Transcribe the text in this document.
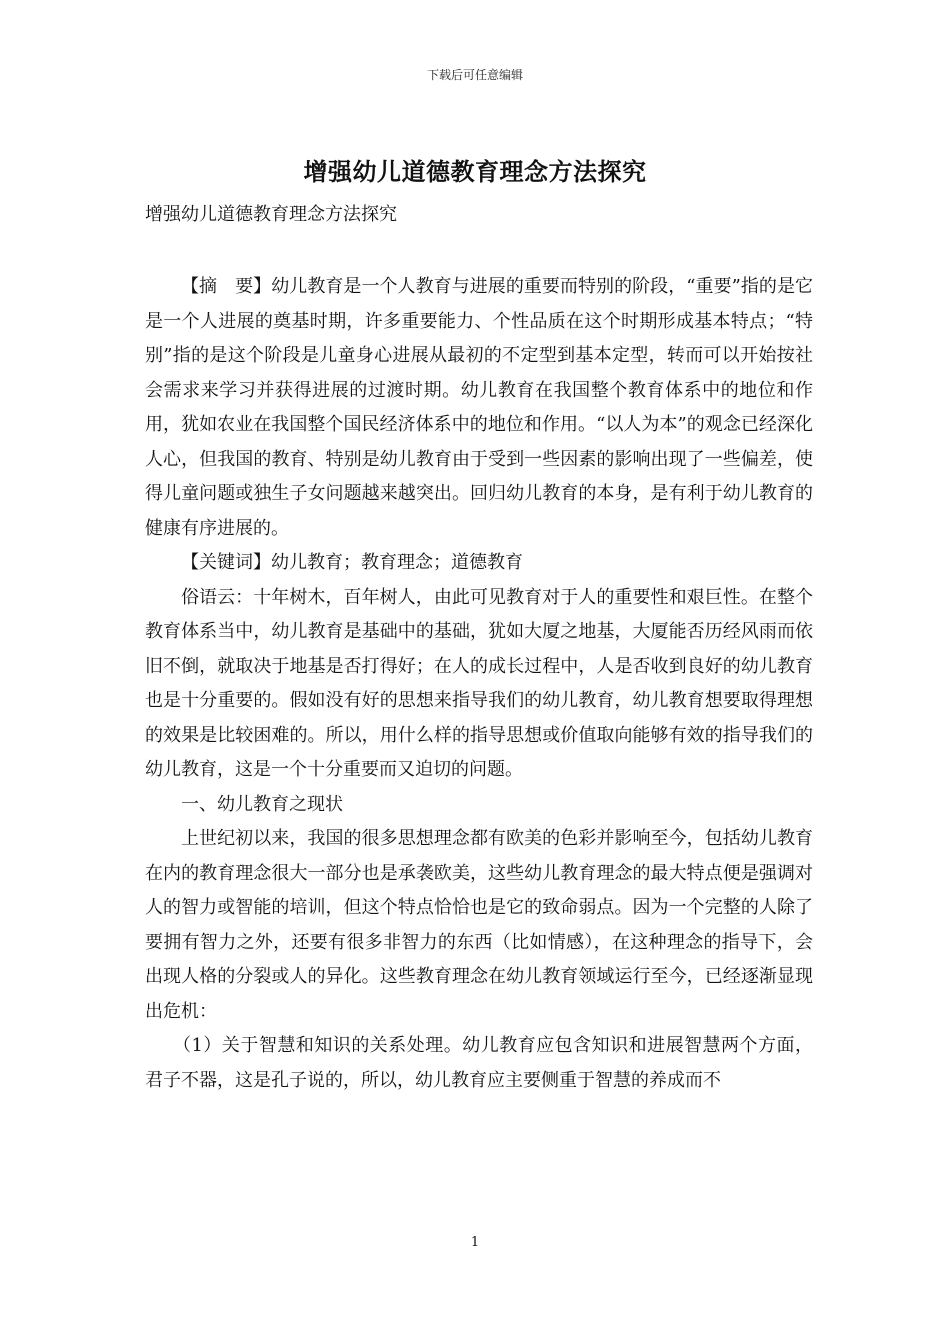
下载后可任意编辑
增强幼儿道德教育理念方法探究
增强幼儿道德教育理念方法探究

【摘　要】幼儿教育是一个人教育与进展的重要而特别的阶段，“重要”指的是它是一个人进展的奠基时期，许多重要能力、个性品质在这个时期形成基本特点；“特别”指的是这个阶段是儿童身心进展从最初的不定型到基本定型，转而可以开始按社会需求来学习并获得进展的过渡时期。幼儿教育在我国整个教育体系中的地位和作用，犹如农业在我国整个国民经济体系中的地位和作用。“以人为本”的观念已经深化人心，但我国的教育、特别是幼儿教育由于受到一些因素的影响出现了一些偏差，使得儿童问题或独生子女问题越来越突出。回归幼儿教育的本身，是有利于幼儿教育的健康有序进展的。

【关键词】幼儿教育；教育理念；道德教育

俗语云：十年树木，百年树人，由此可见教育对于人的重要性和艰巨性。在整个教育体系当中，幼儿教育是基础中的基础，犹如大厦之地基，大厦能否历经风雨而依旧不倒，就取决于地基是否打得好；在人的成长过程中，人是否收到良好的幼儿教育也是十分重要的。假如没有好的思想来指导我们的幼儿教育，幼儿教育想要取得理想的效果是比较困难的。所以，用什么样的指导思想或价值取向能够有效的指导我们的幼儿教育，这是一个十分重要而又迫切的问题。

一、幼儿教育之现状

上世纪初以来，我国的很多思想理念都有欧美的色彩并影响至今，包括幼儿教育在内的教育理念很大一部分也是承袭欧美，这些幼儿教育理念的最大特点便是强调对人的智力或智能的培训，但这个特点恰恰也是它的致命弱点。因为一个完整的人除了要拥有智力之外，还要有很多非智力的东西（比如情感），在这种理念的指导下，会出现人格的分裂或人的异化。这些教育理念在幼儿教育领域运行至今，已经逐渐显现出危机：

（1）关于智慧和知识的关系处理。幼儿教育应包含知识和进展智慧两个方面，君子不器，这是孔子说的，所以，幼儿教育应主要侧重于智慧的养成而不

1
